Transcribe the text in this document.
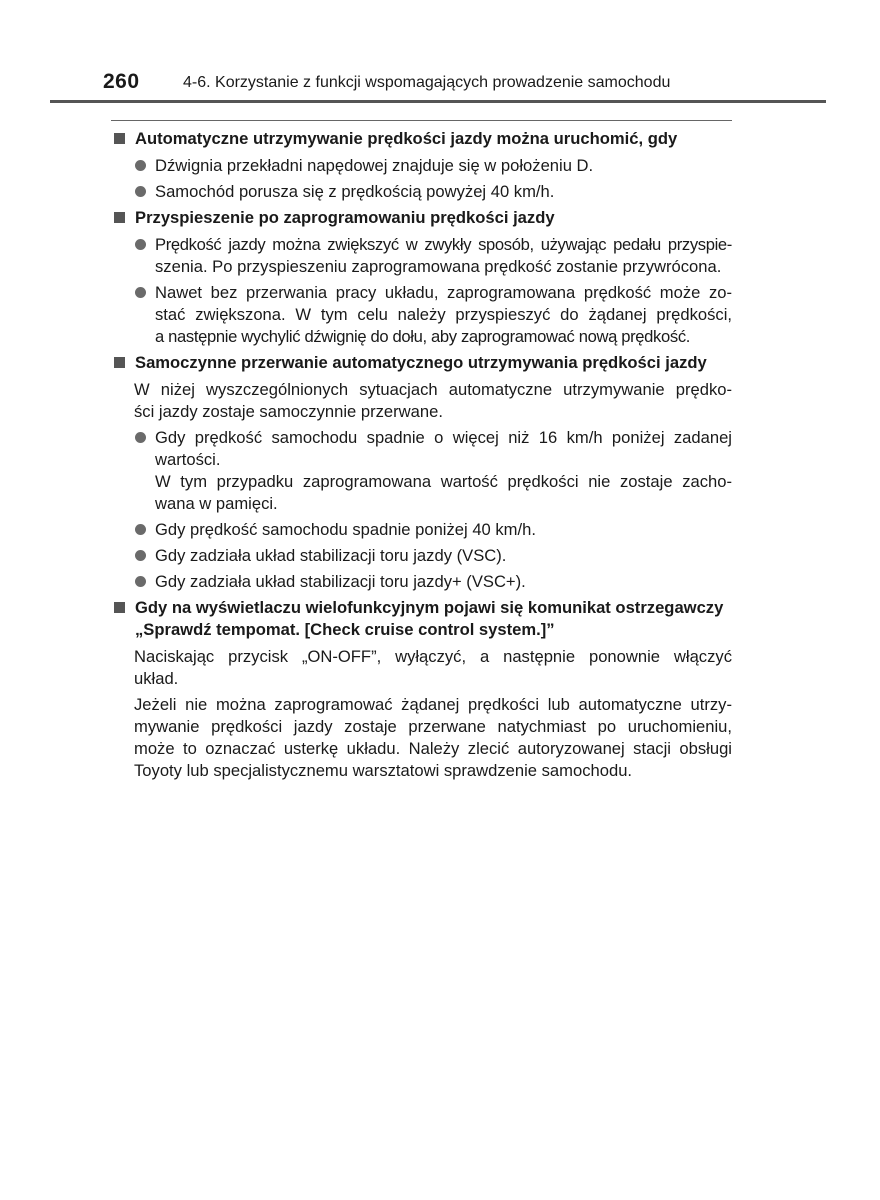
260	4-6. Korzystanie z funkcji wspomagających prowadzenie samochodu
Automatyczne utrzymywanie prędkości jazdy można uruchomić, gdy
Dźwignia przekładni napędowej znajduje się w położeniu D.
Samochód porusza się z prędkością powyżej 40 km/h.
Przyspieszenie po zaprogramowaniu prędkości jazdy
Prędkość jazdy można zwiększyć w zwykły sposób, używając pedału przyspie-
szenia. Po przyspieszeniu zaprogramowana prędkość zostanie przywrócona.
Nawet bez przerwania pracy układu, zaprogramowana prędkość może zo-
stać zwiększona. W tym celu należy przyspieszyć do żądanej prędkości,
a następnie wychylić dźwignię do dołu, aby zaprogramować nową prędkość.
Samoczynne przerwanie automatycznego utrzymywania prędkości jazdy
W niżej wyszczególnionych sytuacjach automatyczne utrzymywanie prędko-
ści jazdy zostaje samoczynnie przerwane.
Gdy prędkość samochodu spadnie o więcej niż 16 km/h poniżej zadanej
wartości.
W tym przypadku zaprogramowana wartość prędkości nie zostaje zacho-
wana w pamięci.
Gdy prędkość samochodu spadnie poniżej 40 km/h.
Gdy zadziała układ stabilizacji toru jazdy (VSC).
Gdy zadziała układ stabilizacji toru jazdy+ (VSC+).
Gdy na wyświetlaczu wielofunkcyjnym pojawi się komunikat ostrzegawczy
„Sprawdź tempomat. [Check cruise control system.]”
Naciskając przycisk „ON-OFF”, wyłączyć, a następnie ponownie włączyć
układ.
Jeżeli nie można zaprogramować żądanej prędkości lub automatyczne utrzy-
mywanie prędkości jazdy zostaje przerwane natychmiast po uruchomieniu,
może to oznaczać usterkę układu. Należy zlecić autoryzowanej stacji obsługi
Toyoty lub specjalistycznemu warsztatowi sprawdzenie samochodu.
